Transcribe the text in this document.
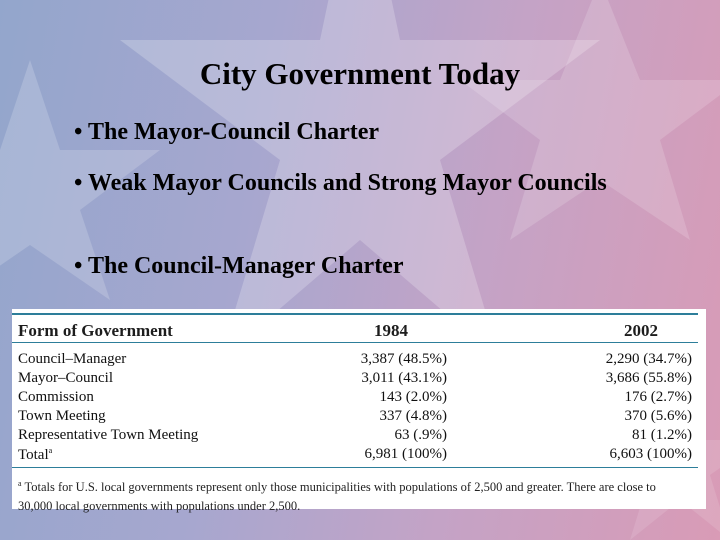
City Government Today
• The Mayor-Council Charter
• Weak Mayor Councils and Strong Mayor Councils
• The Council-Manager Charter
Form of Government	1984	2002
Council–Manager	3,387 (48.5%)	2,290 (34.7%)
Mayor–Council	3,011 (43.1%)	3,686 (55.8%)
Commission	143 (2.0%)	176 (2.7%)
Town Meeting	337 (4.8%)	370 (5.6%)
Representative Town Meeting	63 (.9%)	81 (1.2%)
Total$^a$	6,981 (100%)	6,603 (100%)
$^a$ Totals for U.S. local governments represent only those municipalities with populations of 2,500 and greater. There are close to 30,000 local governments with populations under 2,500.
